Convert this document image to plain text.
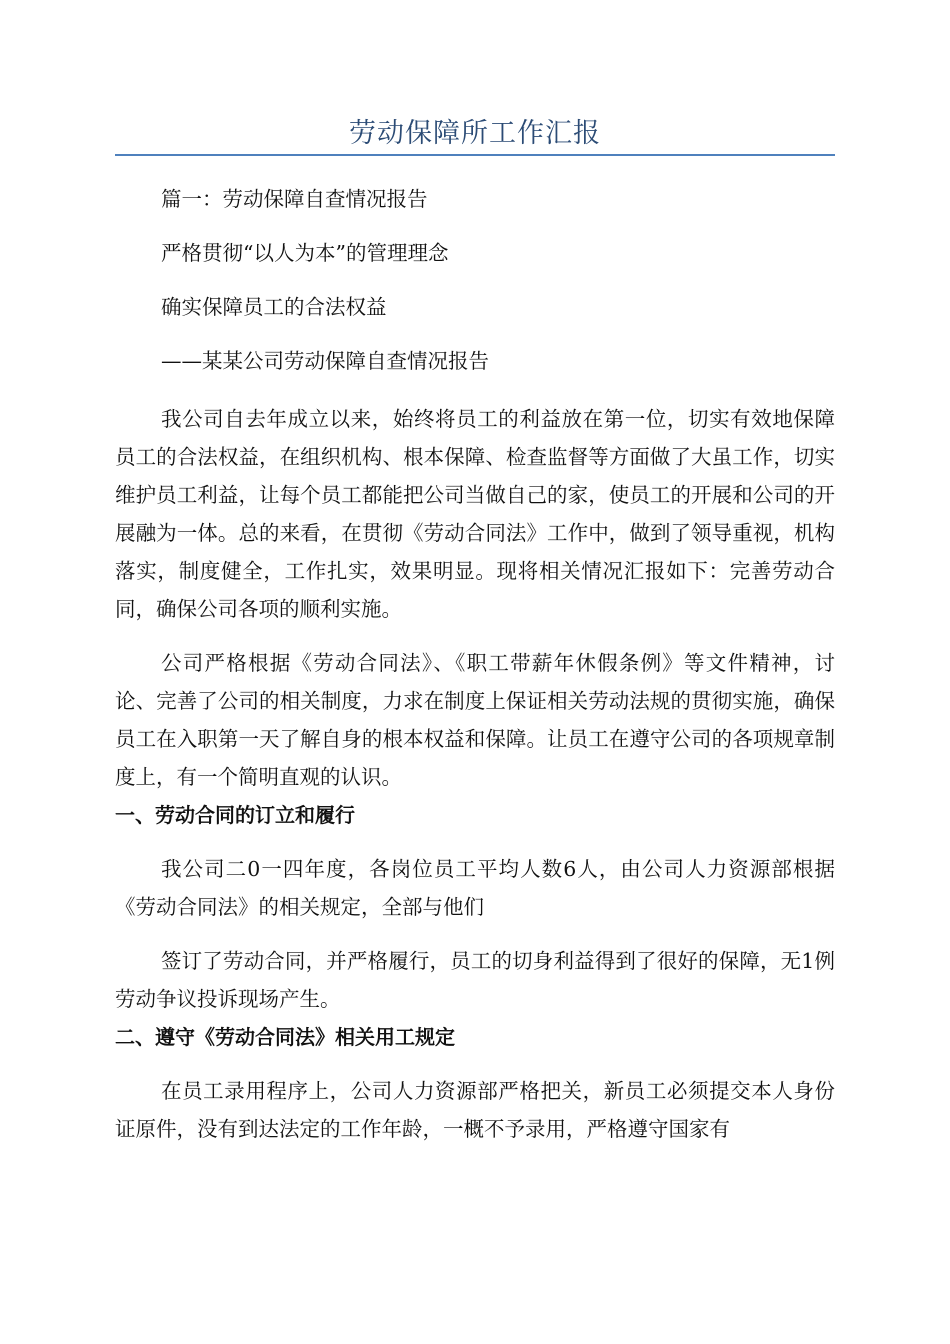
劳动保障所工作汇报

篇一：劳动保障自查情况报告

严格贯彻“以人为本”的管理理念

确实保障员工的合法权益

——某某公司劳动保障自查情况报告

我公司自去年成立以来，始终将员工的利益放在第一位，切实有效地保障员工的合法权益，在组织机构、根本保障、检查监督等方面做了大虽工作，切实维护员工利益，让每个员工都能把公司当做自己的家，使员工的开展和公司的开展融为一体。总的来看，在贯彻《劳动合同法》工作中，做到了领导重视，机构落实，制度健全，工作扎实，效果明显。现将相关情况汇报如下：完善劳动合同，确保公司各项的顺利实施。

公司严格根据《劳动合同法》、《职工带薪年休假条例》等文件精神，讨论、完善了公司的相关制度，力求在制度上保证相关劳动法规的贯彻实施，确保员工在入职第一天了解自身的根本权益和保障。让员工在遵守公司的各项规章制度上，有一个简明直观的认识。

一、劳动合同的订立和履行

我公司二0一四年度，各岗位员工平均人数6人，由公司人力资源部根据《劳动合同法》的相关规定，全部与他们

签订了劳动合同，并严格履行，员工的切身利益得到了很好的保障，无1例劳动争议投诉现场产生。

二、遵守《劳动合同法》相关用工规定

在员工录用程序上，公司人力资源部严格把关，新员工必须提交本人身份证原件，没有到达法定的工作年龄，一概不予录用，严格遵守国家有
